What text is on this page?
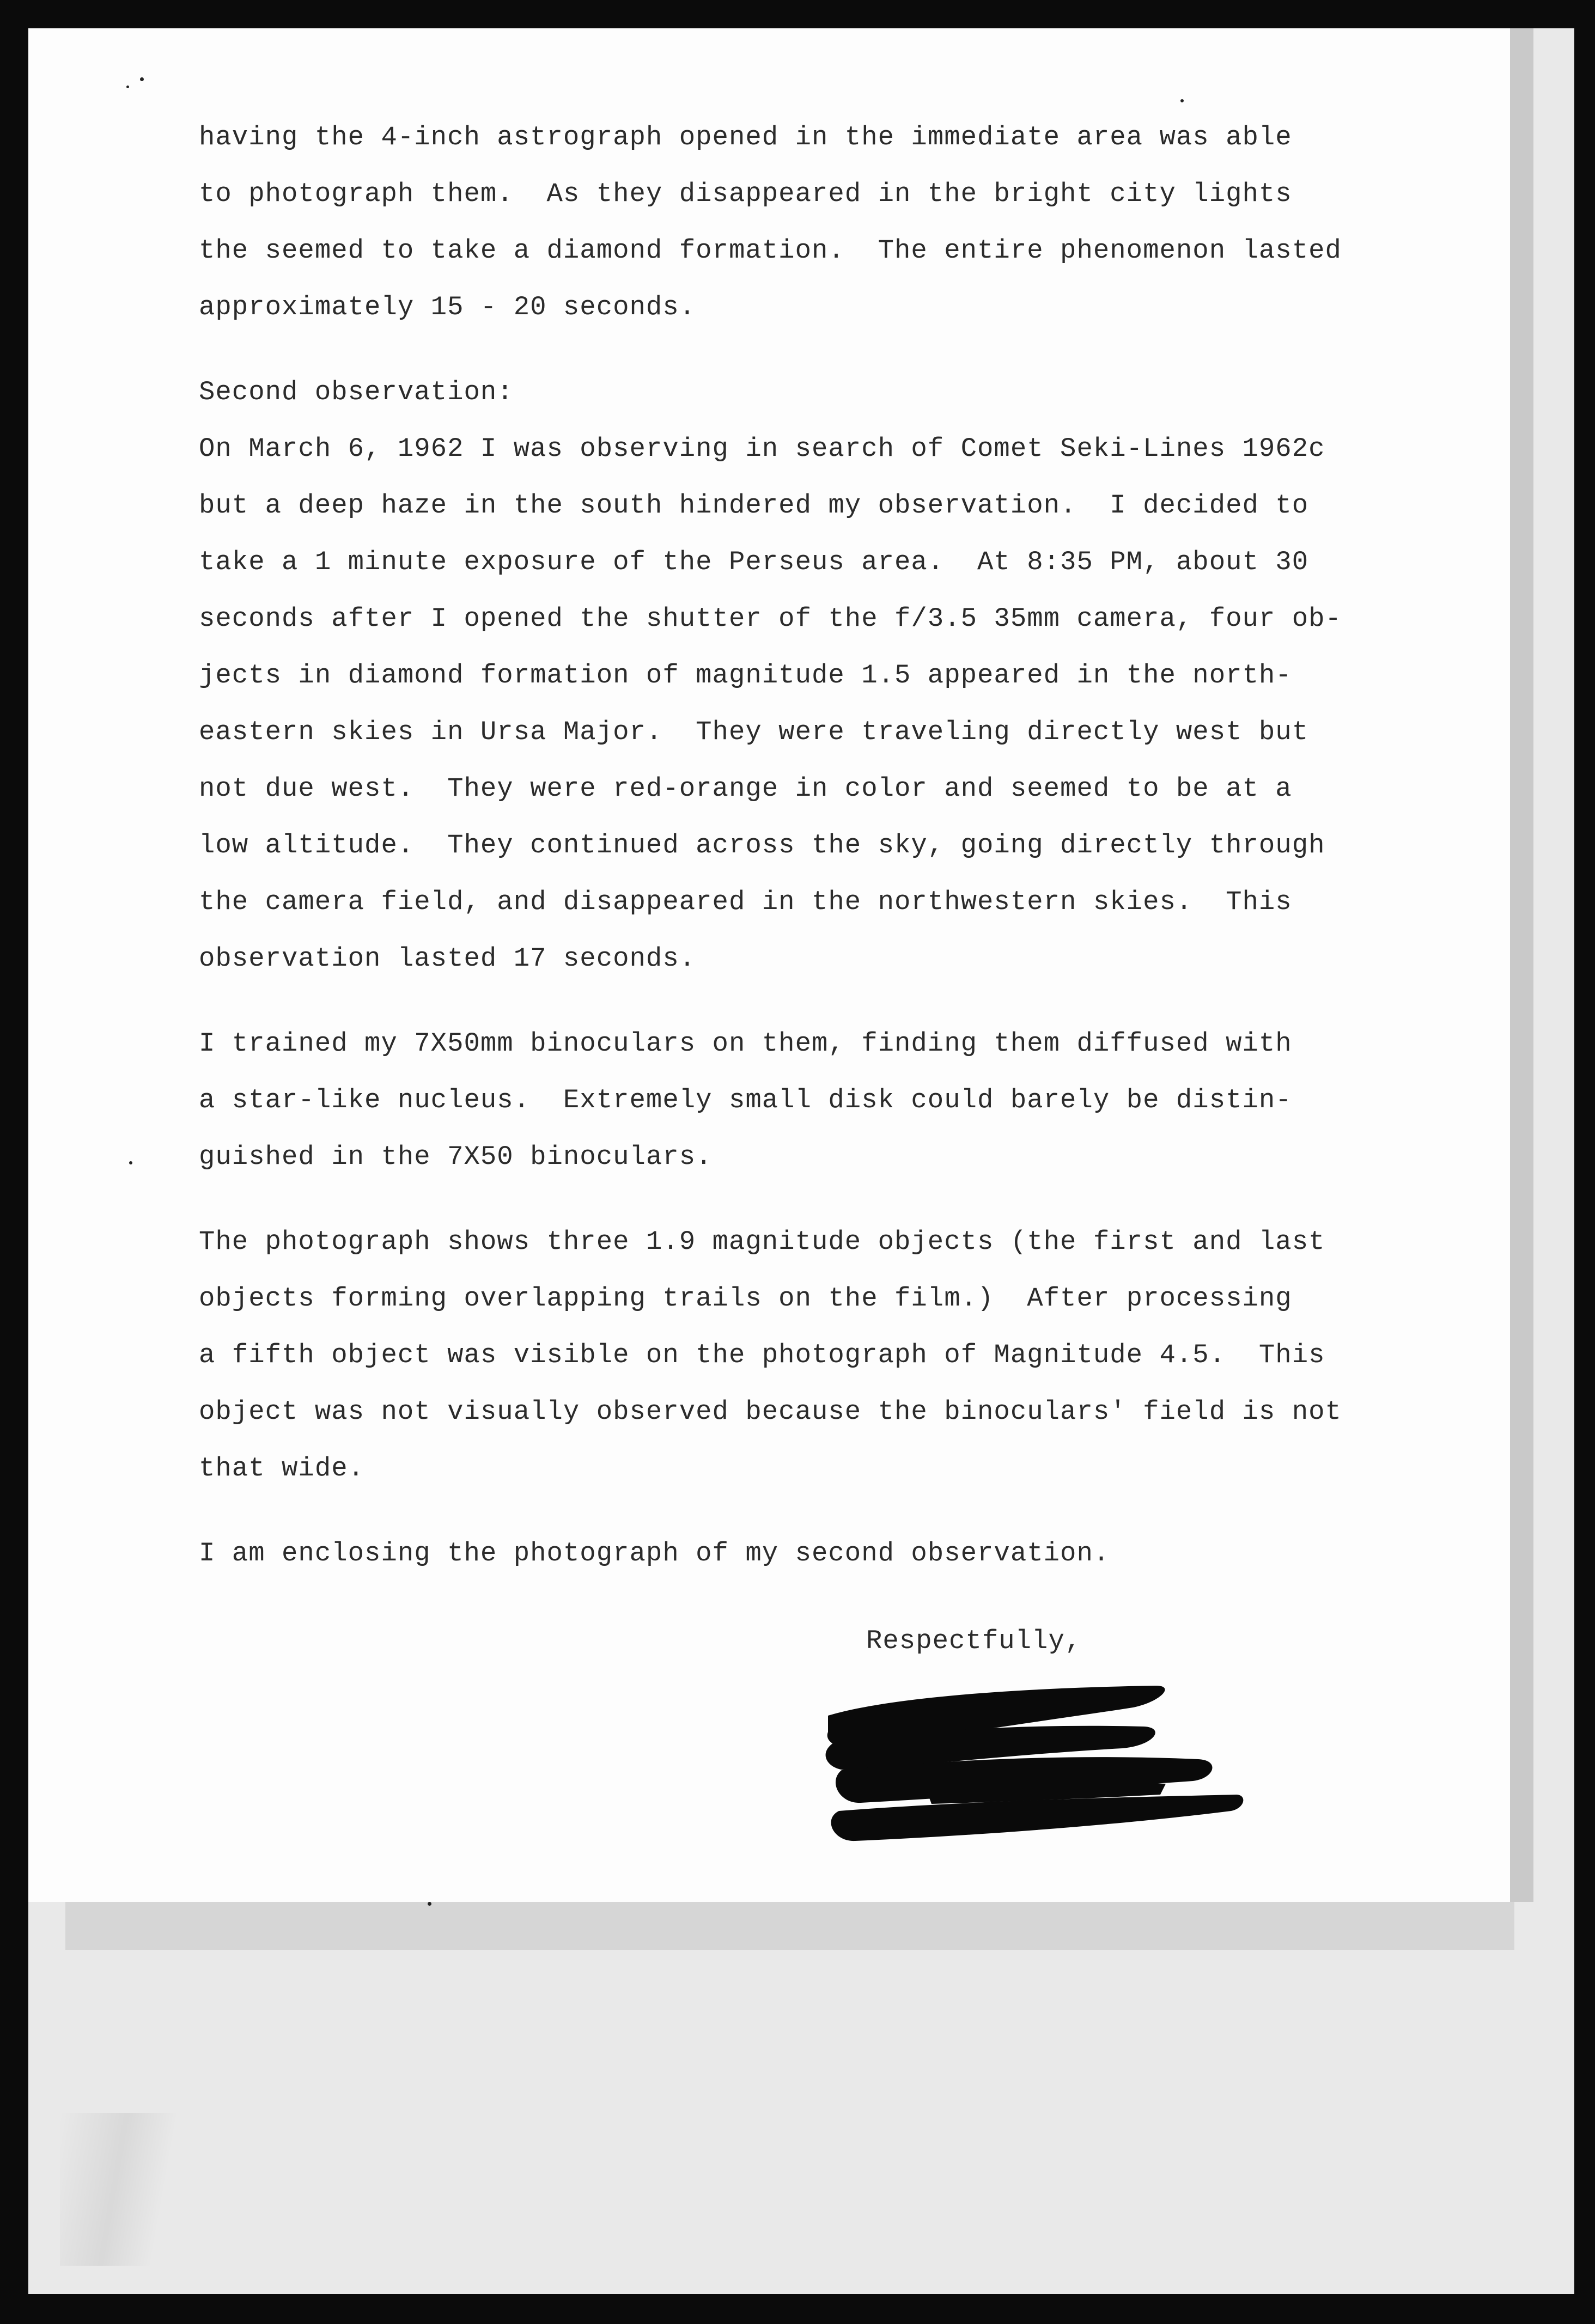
having the 4-inch astrograph opened in the immediate area was able
to photograph them.  As they disappeared in the bright city lights
the seemed to take a diamond formation.  The entire phenomenon lasted
approximately 15 - 20 seconds.
Second observation:
On March 6, 1962 I was observing in search of Comet Seki-Lines 1962c
but a deep haze in the south hindered my observation.  I decided to
take a 1 minute exposure of the Perseus area.  At 8:35 PM, about 30
seconds after I opened the shutter of the f/3.5 35mm camera, four ob-
jects in diamond formation of magnitude 1.5 appeared in the north-
eastern skies in Ursa Major.  They were traveling directly west but
not due west.  They were red-orange in color and seemed to be at a
low altitude.  They continued across the sky, going directly through
the camera field, and disappeared in the northwestern skies.  This
observation lasted 17 seconds.
I trained my 7X50mm binoculars on them, finding them diffused with
a star-like nucleus.  Extremely small disk could barely be distin-
guished in the 7X50 binoculars.
The photograph shows three 1.9 magnitude objects (the first and last
objects forming overlapping trails on the film.)  After processing
a fifth object was visible on the photograph of Magnitude 4.5.  This
object was not visually observed because the binoculars' field is not
that wide.
I am enclosing the photograph of my second observation.
Respectfully,
